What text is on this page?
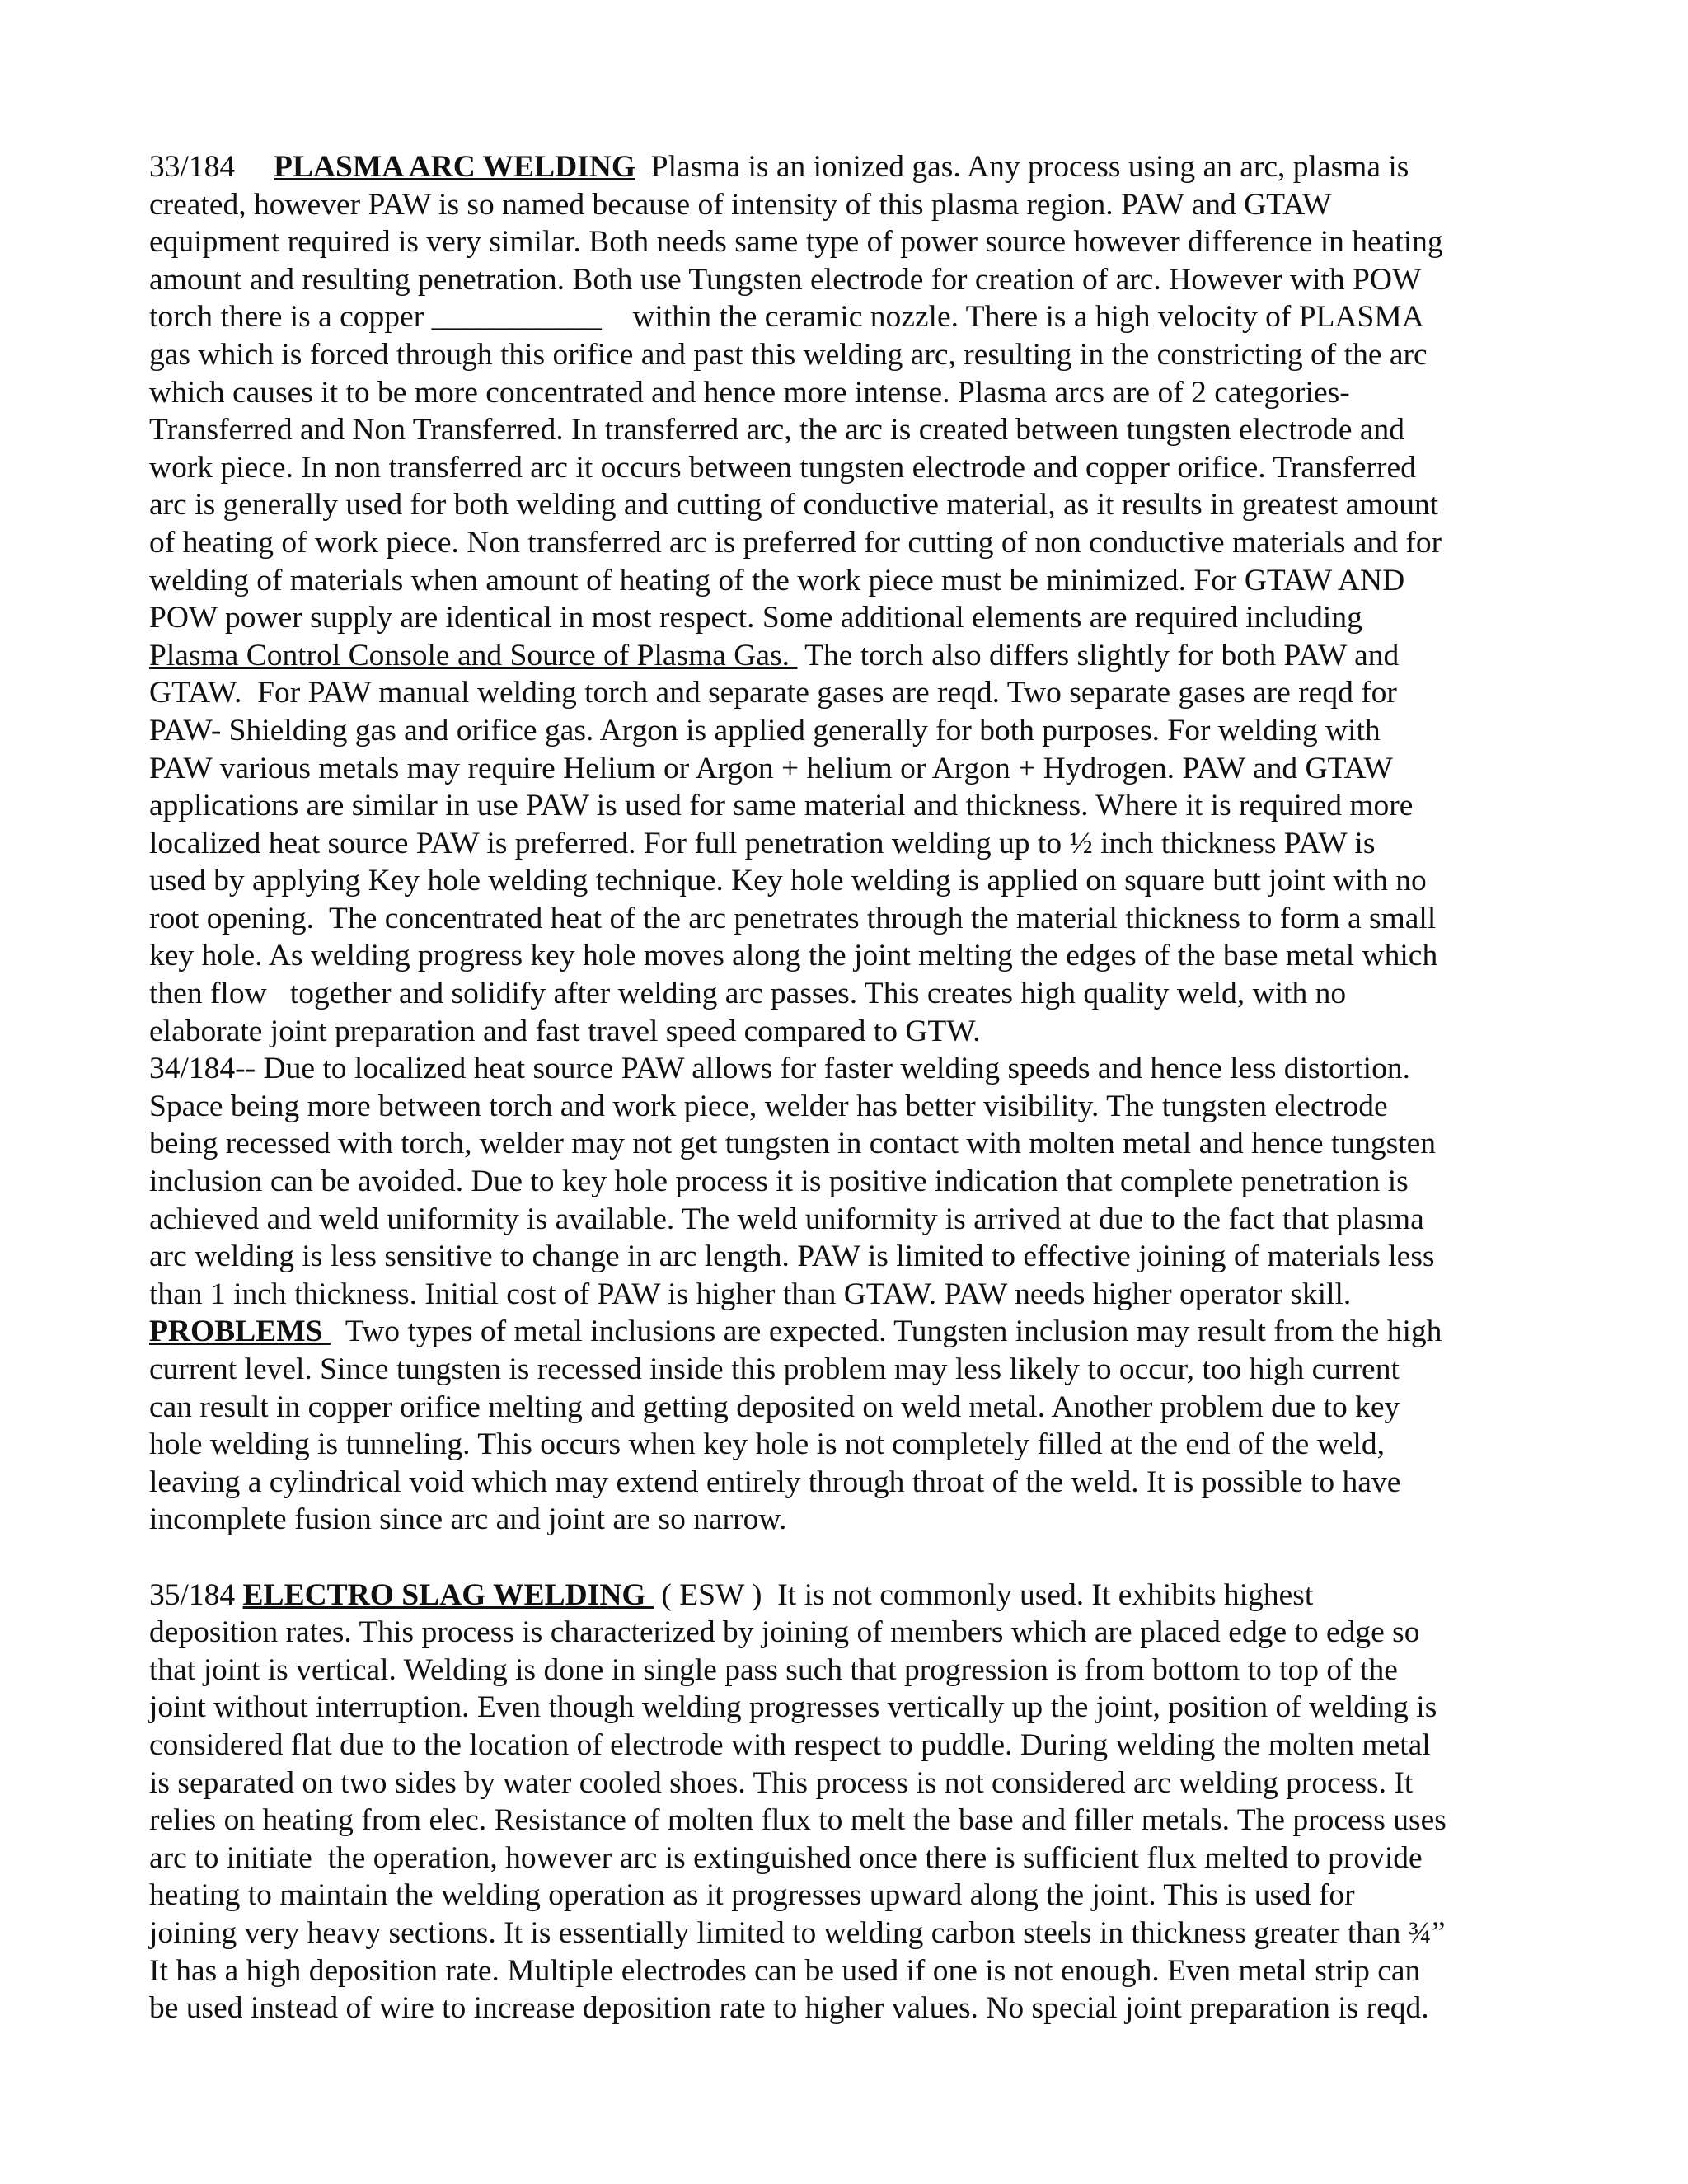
33/184     PLASMA ARC WELDING  Plasma is an ionized gas. Any process using an arc, plasma is
created, however PAW is so named because of intensity of this plasma region. PAW and GTAW
equipment required is very similar. Both needs same type of power source however difference in heating
amount and resulting penetration. Both use Tungsten electrode for creation of arc. However with POW
torch there is a copper ___________    within the ceramic nozzle. There is a high velocity of PLASMA
gas which is forced through this orifice and past this welding arc, resulting in the constricting of the arc
which causes it to be more concentrated and hence more intense. Plasma arcs are of 2 categories-
Transferred and Non Transferred. In transferred arc, the arc is created between tungsten electrode and
work piece. In non transferred arc it occurs between tungsten electrode and copper orifice. Transferred
arc is generally used for both welding and cutting of conductive material, as it results in greatest amount
of heating of work piece. Non transferred arc is preferred for cutting of non conductive materials and for
welding of materials when amount of heating of the work piece must be minimized. For GTAW AND
POW power supply are identical in most respect. Some additional elements are required including
Plasma Control Console and Source of Plasma Gas.  The torch also differs slightly for both PAW and
GTAW.  For PAW manual welding torch and separate gases are reqd. Two separate gases are reqd for
PAW- Shielding gas and orifice gas. Argon is applied generally for both purposes. For welding with
PAW various metals may require Helium or Argon + helium or Argon + Hydrogen. PAW and GTAW
applications are similar in use PAW is used for same material and thickness. Where it is required more
localized heat source PAW is preferred. For full penetration welding up to ½ inch thickness PAW is
used by applying Key hole welding technique. Key hole welding is applied on square butt joint with no
root opening.  The concentrated heat of the arc penetrates through the material thickness to form a small
key hole. As welding progress key hole moves along the joint melting the edges of the base metal which
then flow   together and solidify after welding arc passes. This creates high quality weld, with no
elaborate joint preparation and fast travel speed compared to GTW.
34/184-- Due to localized heat source PAW allows for faster welding speeds and hence less distortion.
Space being more between torch and work piece, welder has better visibility. The tungsten electrode
being recessed with torch, welder may not get tungsten in contact with molten metal and hence tungsten
inclusion can be avoided. Due to key hole process it is positive indication that complete penetration is
achieved and weld uniformity is available. The weld uniformity is arrived at due to the fact that plasma
arc welding is less sensitive to change in arc length. PAW is limited to effective joining of materials less
than 1 inch thickness. Initial cost of PAW is higher than GTAW. PAW needs higher operator skill.
PROBLEMS   Two types of metal inclusions are expected. Tungsten inclusion may result from the high
current level. Since tungsten is recessed inside this problem may less likely to occur, too high current
can result in copper orifice melting and getting deposited on weld metal. Another problem due to key
hole welding is tunneling. This occurs when key hole is not completely filled at the end of the weld,
leaving a cylindrical void which may extend entirely through throat of the weld. It is possible to have
incomplete fusion since arc and joint are so narrow.
35/184 ELECTRO SLAG WELDING  ( ESW )  It is not commonly used. It exhibits highest
deposition rates. This process is characterized by joining of members which are placed edge to edge so
that joint is vertical. Welding is done in single pass such that progression is from bottom to top of the
joint without interruption. Even though welding progresses vertically up the joint, position of welding is
considered flat due to the location of electrode with respect to puddle. During welding the molten metal
is separated on two sides by water cooled shoes. This process is not considered arc welding process. It
relies on heating from elec. Resistance of molten flux to melt the base and filler metals. The process uses
arc to initiate  the operation, however arc is extinguished once there is sufficient flux melted to provide
heating to maintain the welding operation as it progresses upward along the joint. This is used for
joining very heavy sections. It is essentially limited to welding carbon steels in thickness greater than ¾”
It has a high deposition rate. Multiple electrodes can be used if one is not enough. Even metal strip can
be used instead of wire to increase deposition rate to higher values. No special joint preparation is reqd.
